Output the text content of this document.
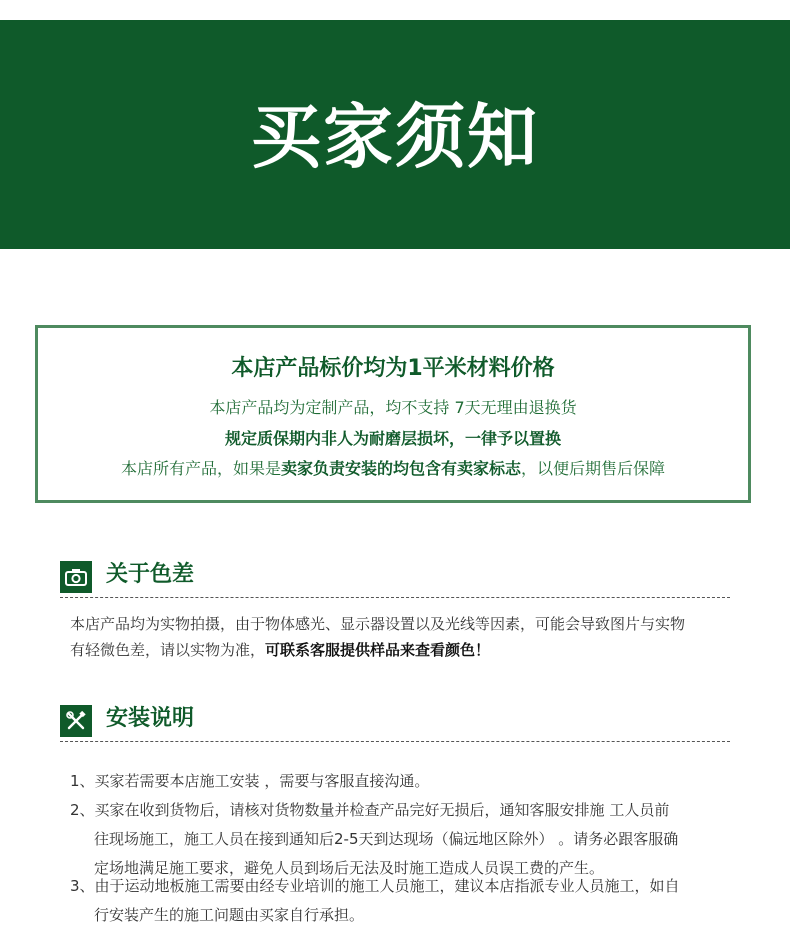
买家须知
本店产品标价均为1平米材料价格
本店产品均为定制产品，均不支持 7天无理由退换货
规定质保期内非人为耐磨层损坏，一律予以置换
本店所有产品，如果是卖家负责安装的均包含有卖家标志，以便后期售后保障
关于色差
本店产品均为实物拍摄，由于物体感光、显示器设置以及光线等因素，可能会导致图片与实物
有轻微色差，请以实物为准，可联系客服提供样品来查看颜色！
安装说明
1、买家若需要本店施工安装 ，需要与客服直接沟通。
2、买家在收到货物后，请核对货物数量并检查产品完好无损后，通知客服安排施 工人员前
往现场施工，施工人员在接到通知后2-5天到达现场（偏远地区除外） 。请务必跟客服确
定场地满足施工要求，避免人员到场后无法及时施工造成人员误工费的产生。
3、由于运动地板施工需要由经专业培训的施工人员施工，建议本店指派专业人员施工，如自
行安装产生的施工问题由买家自行承担。
